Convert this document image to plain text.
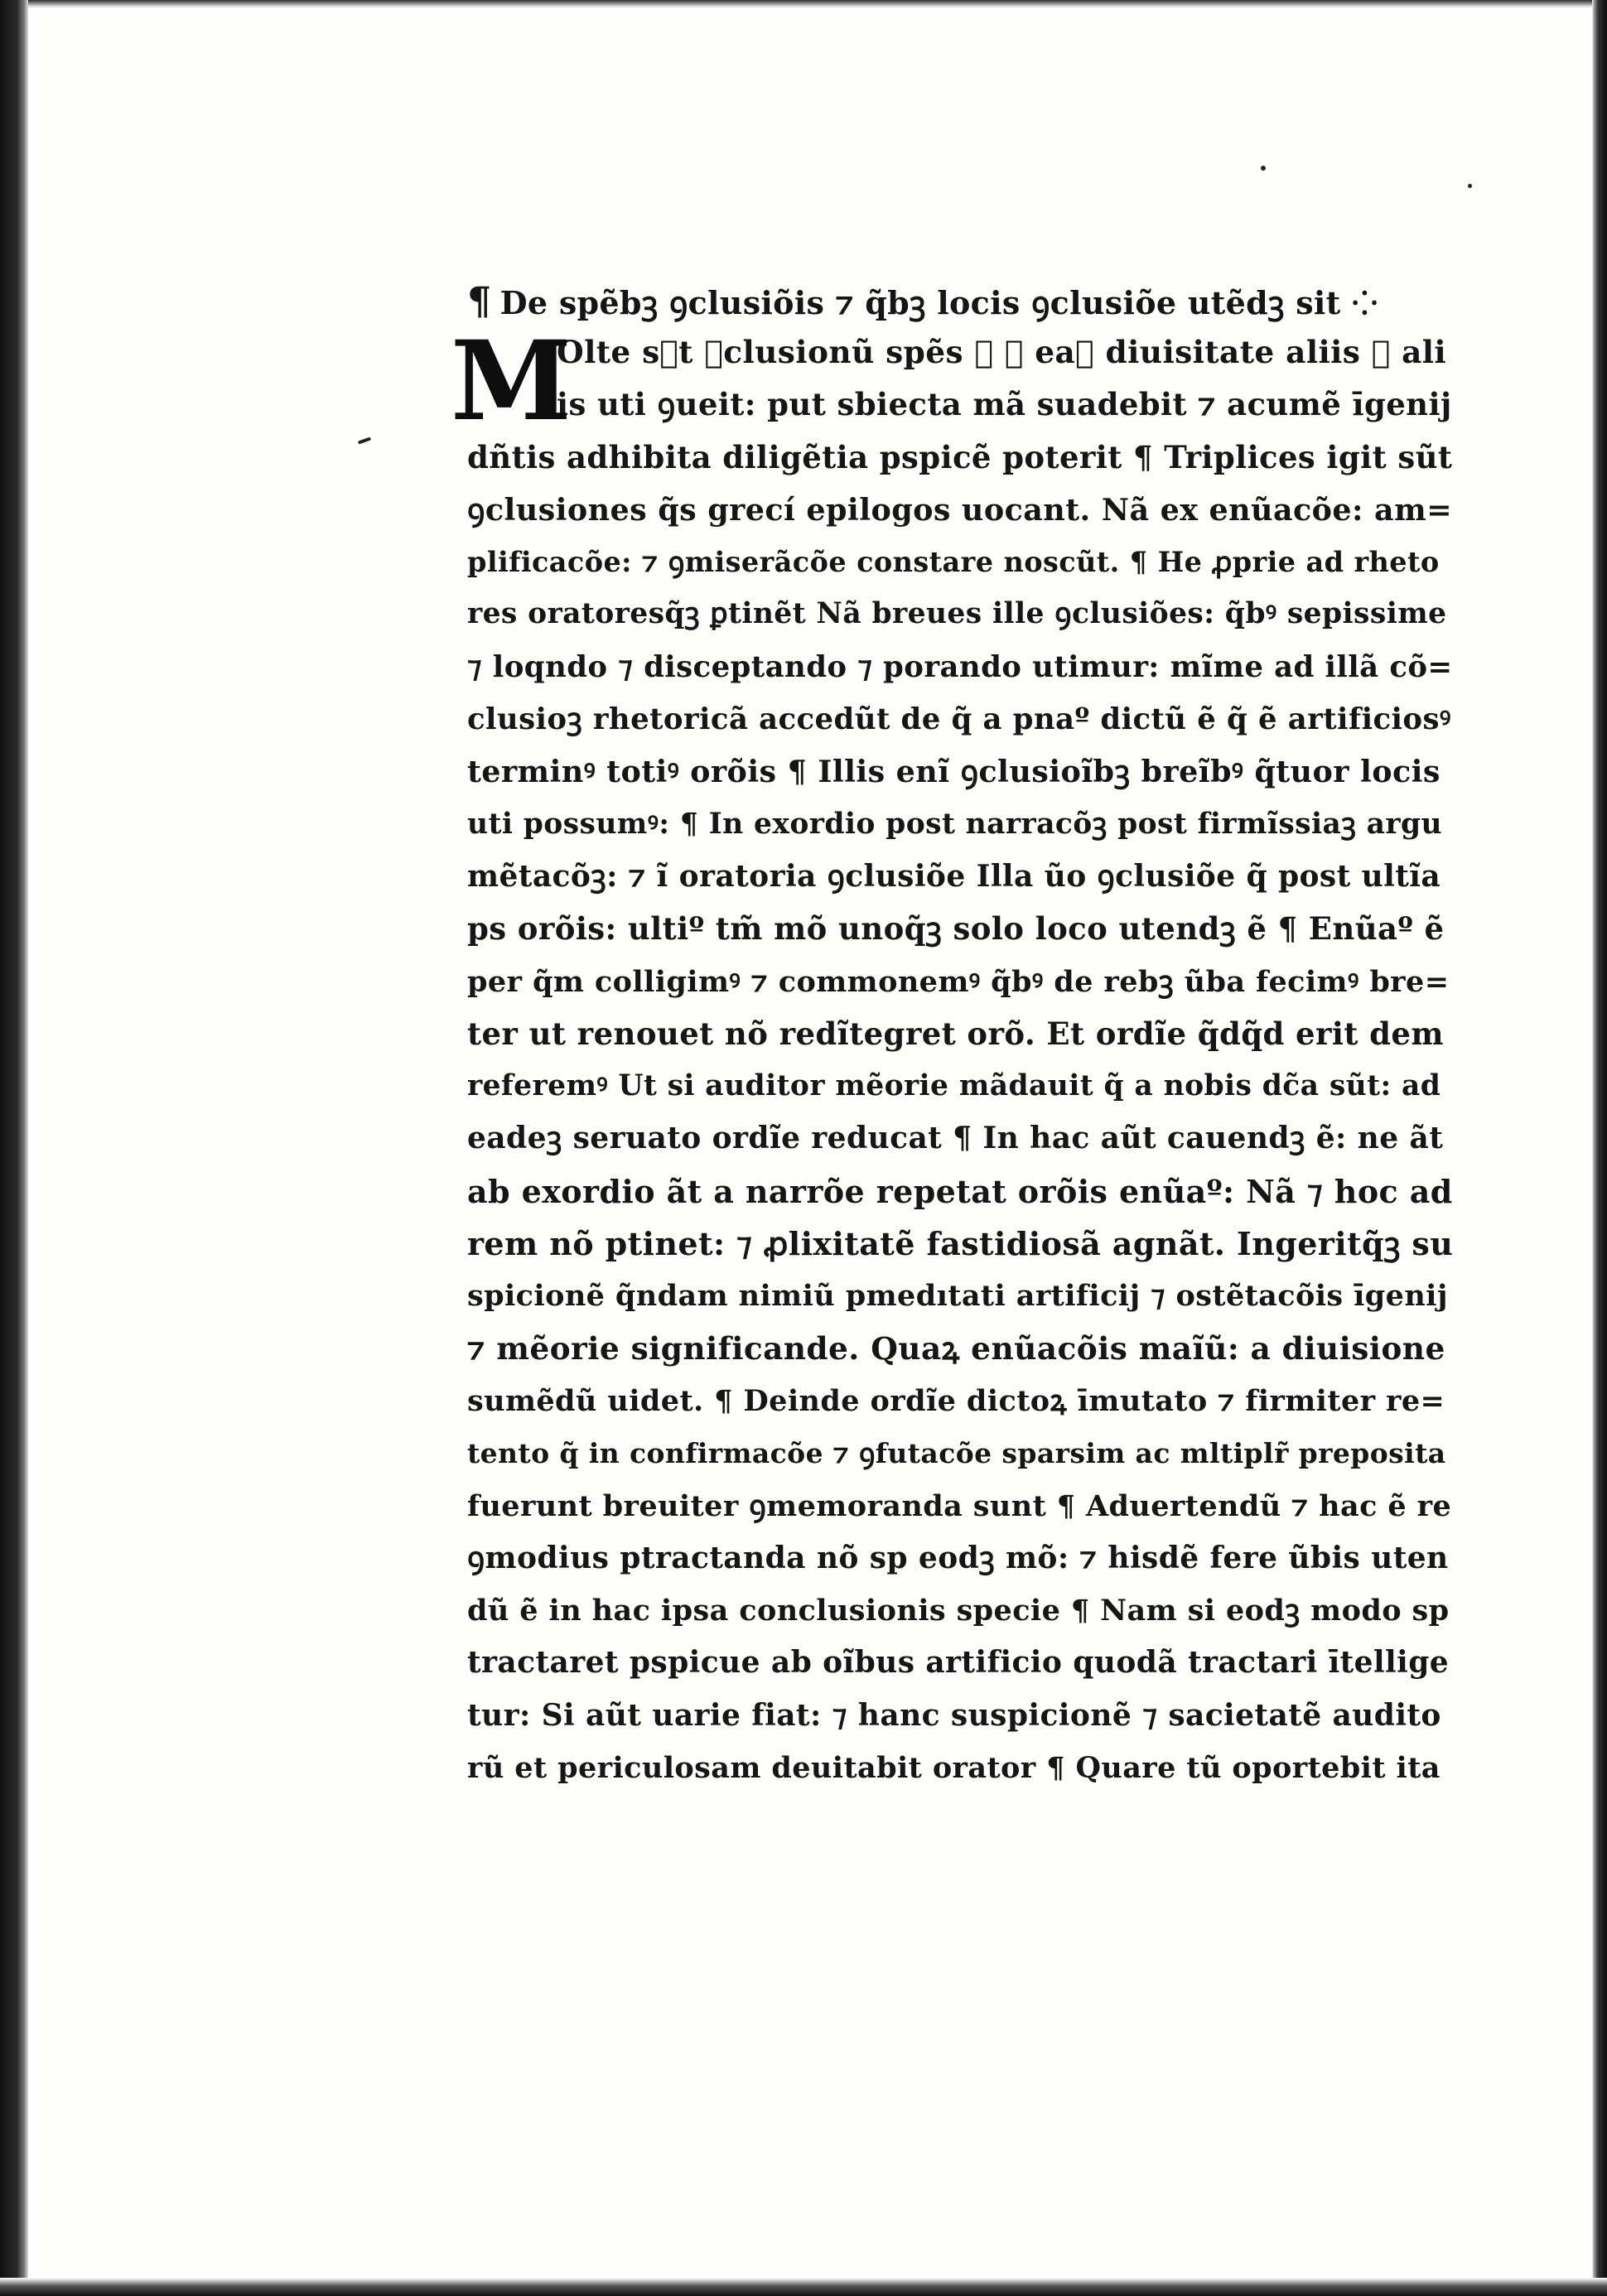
¶ De spẽbꝫ ꝯclusiõis ⁊ q̃bꝫ locis ꝯclusiõe utẽdꝫ sit ⁘
M
Olte sᷓt ꝯclusionũ spẽs ⁊ ꝓ eaꝝ diuisitate aliis ⁊ ali
is uti ꝯueit: put sbiecta mã suadebit ⁊ acumẽ īgenij
dñtis adhibita diligẽtia pspicẽ poterit ¶ Triplices igit sũt
ꝯclusiones q̃s grecí epilogos uocant. Nã ex enũacõe: am=
plificacõe: ⁊ ꝯmiserãcõe constare noscũt. ¶ He ꝓprie ad rheto
res oratoresq̃ꝫ ꝑtinẽt Nã breues ille ꝯclusiões: q̃bꝰ sepissime
⁊ loqndo ⁊ disceptando ⁊ porando utimur: mĩme ad illã cõ=
clusioꝫ rhetoricã accedũt de q̃ a pnaº dictũ ẽ q̃ ẽ artificiosꝰ
terminꝰ totiꝰ orõis ¶ Illis enĩ ꝯclusioĩbꝫ breĩbꝰ q̃tuor locis
uti possumꝰ: ¶ In exordio post narracõꝫ post firmĩssiaꝫ argu
mẽtacõꝫ: ⁊ ĩ oratoria ꝯclusiõe Illa ũo ꝯclusiõe q̃ post ultĩa
ps orõis: ultiº tm̃ mõ unoq̃ꝫ solo loco utendꝫ ẽ ¶ Enũaº ẽ
per q̃m colligimꝰ ⁊ commonemꝰ q̃bꝰ de rebꝫ ũba fecimꝰ bre=
ter ut renouet nõ redĩtegret orõ. Et ordĩe q̃dq̃d erit dem
referemꝰ Ut si auditor mẽorie mãdauit q̃ a nobis dc̃a sũt: ad
eadeꝫ seruato ordĩe reducat ¶ In hac aũt cauendꝫ ẽ: ne ãt
ab exordio ãt a narrõe repetat orõis enũaº: Nã ⁊ hoc ad
rem nõ ptinet: ⁊ ꝓlixitatẽ fastidiosã agnãt. Ingeritq̃ꝫ su
spicionẽ q̃ndam nimiũ pmedıtati artificij ⁊ ostẽtacõis īgenij
⁊ mẽorie significande. Quaꝝ enũacõis maĩũ: a diuisione
sumẽdũ uidet. ¶ Deinde ordĩe dictoꝝ īmutato ⁊ firmiter re=
tento q̃ in confirmacõe ⁊ ꝯfutacõe sparsim ac mltiplr̃ preposita
fuerunt breuiter ꝯmemoranda sunt ¶ Aduertendũ ⁊ hac ẽ re
ꝯmodius ptractanda nõ sp eodꝫ mõ: ⁊ hisdẽ fere ũbis uten
dũ ẽ in hac ipsa conclusionis specie ¶ Nam si eodꝫ modo sp
tractaret pspicue ab oĩbus artificio quodã tractari ītellige
tur: Si aũt uarie fiat: ⁊ hanc suspicionẽ ⁊ sacietatẽ audito
rũ et periculosam deuitabit orator ¶ Quare tũ oportebit ita
